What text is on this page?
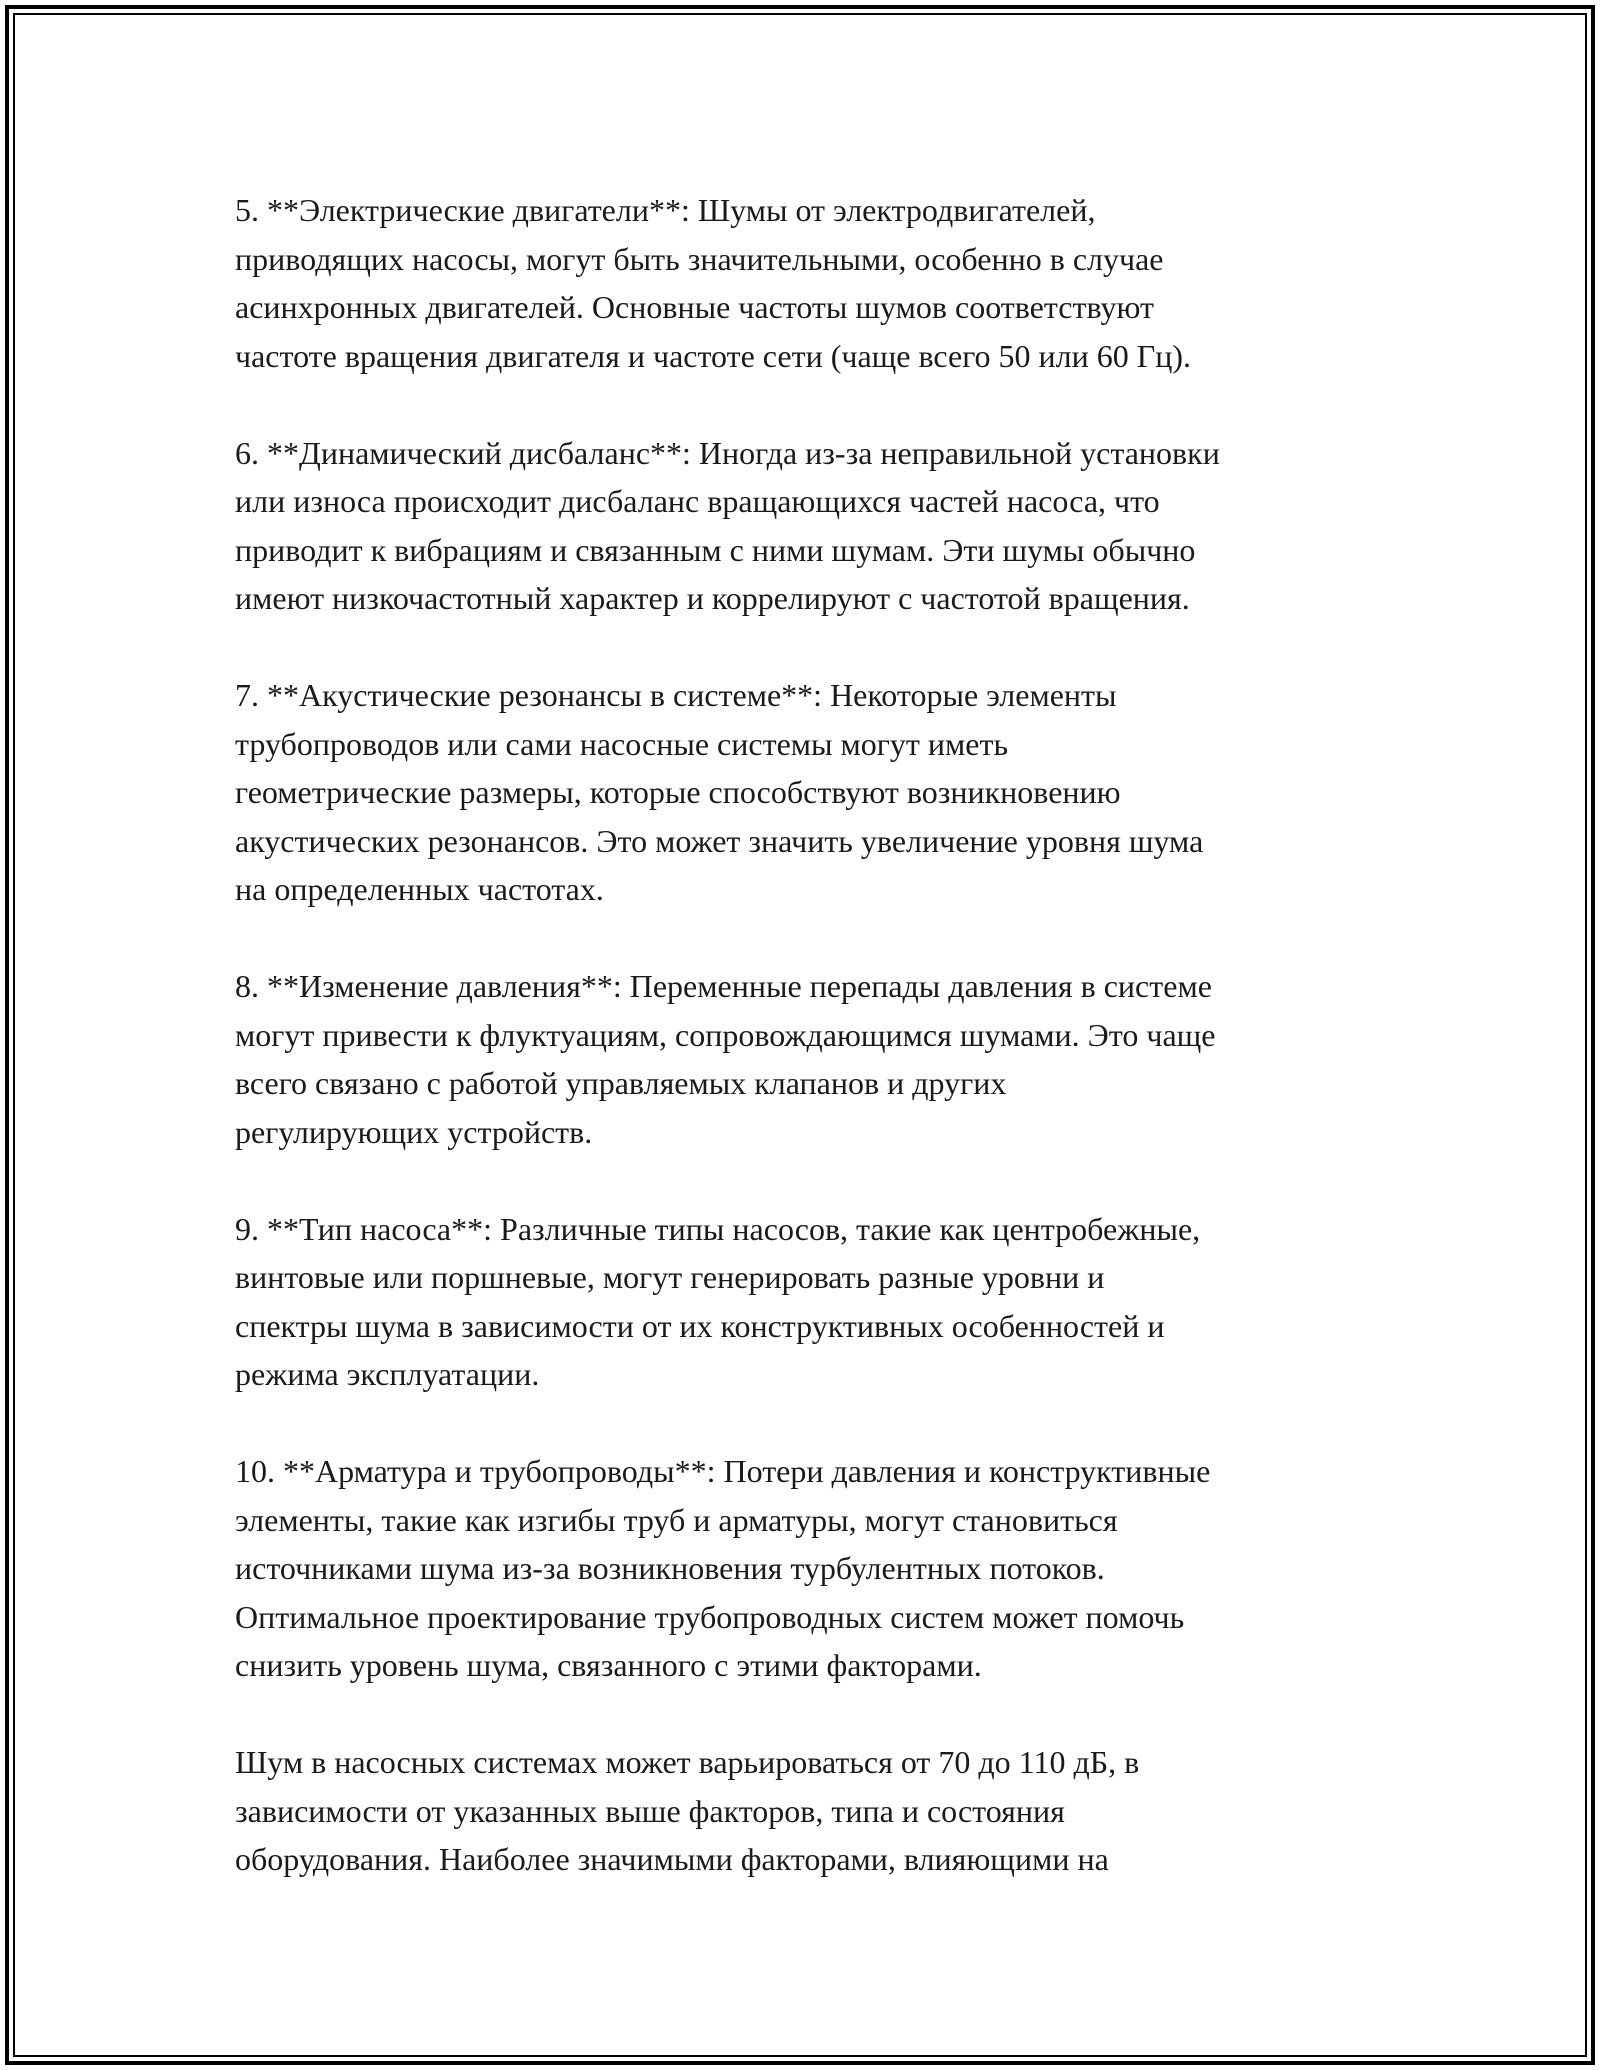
5. **Электрические двигатели**: Шумы от электродвигателей,
приводящих насосы, могут быть значительными, особенно в случае
асинхронных двигателей. Основные частоты шумов соответствуют
частоте вращения двигателя и частоте сети (чаще всего 50 или 60 Гц).

6. **Динамический дисбаланс**: Иногда из-за неправильной установки
или износа происходит дисбаланс вращающихся частей насоса, что
приводит к вибрациям и связанным с ними шумам. Эти шумы обычно
имеют низкочастотный характер и коррелируют с частотой вращения.

7. **Акустические резонансы в системе**: Некоторые элементы
трубопроводов или сами насосные системы могут иметь
геометрические размеры, которые способствуют возникновению
акустических резонансов. Это может значить увеличение уровня шума
на определенных частотах.

8. **Изменение давления**: Переменные перепады давления в системе
могут привести к флуктуациям, сопровождающимся шумами. Это чаще
всего связано с работой управляемых клапанов и других
регулирующих устройств.

9. **Тип насоса**: Различные типы насосов, такие как центробежные,
винтовые или поршневые, могут генерировать разные уровни и
спектры шума в зависимости от их конструктивных особенностей и
режима эксплуатации.

10. **Арматура и трубопроводы**: Потери давления и конструктивные
элементы, такие как изгибы труб и арматуры, могут становиться
источниками шума из-за возникновения турбулентных потоков.
Оптимальное проектирование трубопроводных систем может помочь
снизить уровень шума, связанного с этими факторами.

Шум в насосных системах может варьироваться от 70 до 110 дБ, в
зависимости от указанных выше факторов, типа и состояния
оборудования. Наиболее значимыми факторами, влияющими на
